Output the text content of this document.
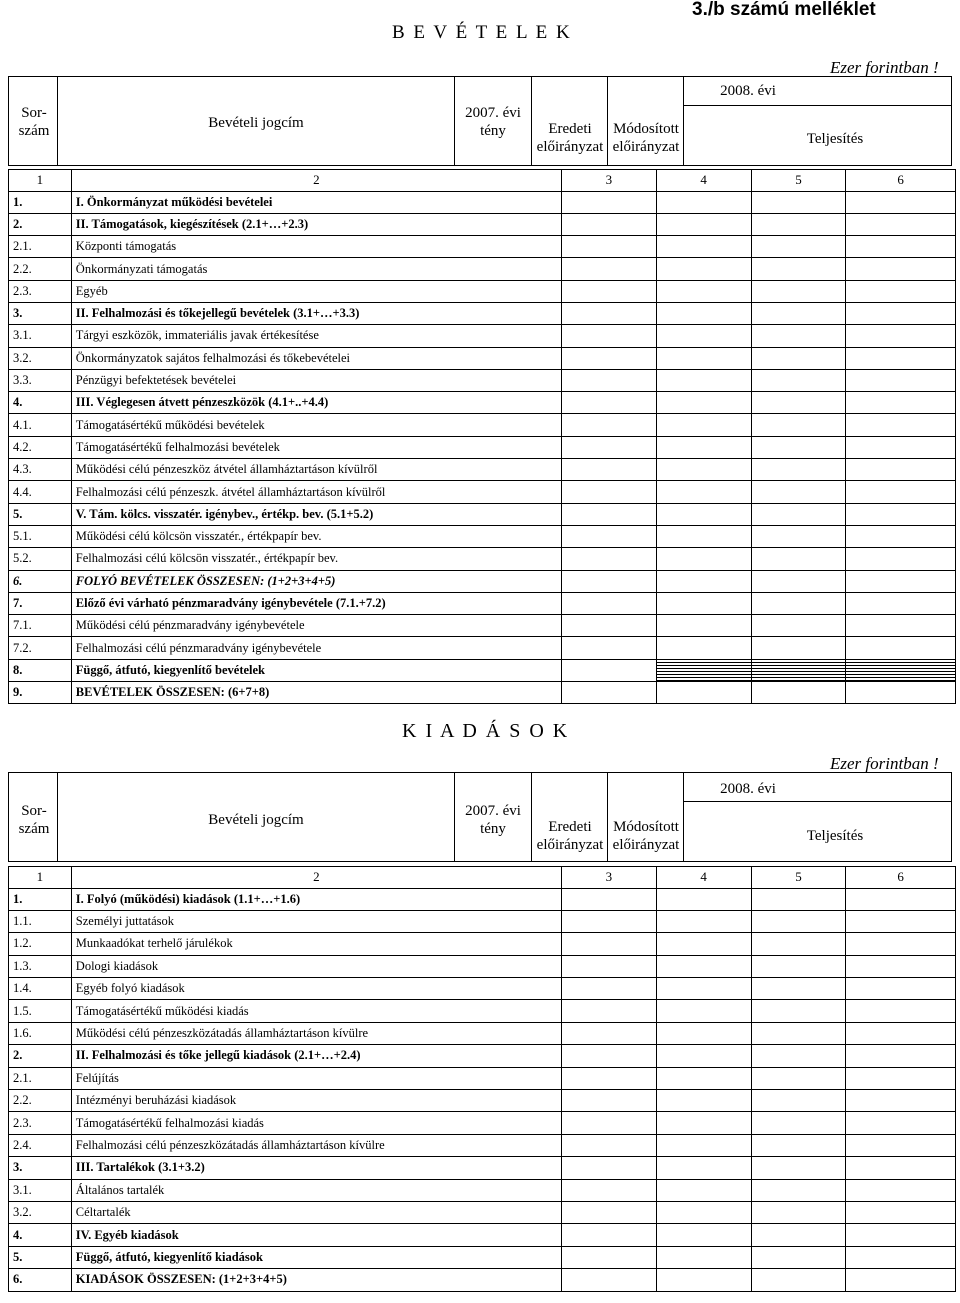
B E V É T E L E K
3./b számú melléklet
Ezer forintban !
Sor-
szám	Bevételi jogcím
2007. évi
tény
2008. évi
Eredeti
előirányzat
Módosított
előirányzat	Teljesítés
1	2	3	4	5	6
1.	I. Önkormányzat működési bevételei				
2.	II. Támogatások, kiegészítések (2.1+…+2.3)				
2.1.	Központi támogatás				
2.2.	Önkormányzati támogatás				
2.3.	Egyéb				
3.	II. Felhalmozási és tőkejellegű bevételek (3.1+…+3.3)				
3.1.	Tárgyi eszközök, immateriális javak értékesítése				
3.2.	Önkormányzatok sajátos felhalmozási és tőkebevételei				
3.3.	Pénzügyi befektetések bevételei				
4.	III. Véglegesen átvett pénzeszközök (4.1+..+4.4)				
4.1.	Támogatásértékű működési bevételek				
4.2.	Támogatásértékű felhalmozási bevételek				
4.3.	Működési célú pénzeszköz átvétel államháztartáson kívülről				
4.4.	Felhalmozási célú pénzeszk. átvétel államháztartáson kívülről				
5.	V. Tám. kölcs. visszatér. igénybev., értékp. bev. (5.1+5.2)				
5.1.	Működési célú kölcsön visszatér., értékpapír bev.				
5.2.	Felhalmozási célú kölcsön visszatér., értékpapír bev.				
6.	FOLYÓ BEVÉTELEK ÖSSZESEN: (1+2+3+4+5)				
7.	Előző évi várható pénzmaradvány igénybevétele (7.1.+7.2)				
7.1.	Működési célú pénzmaradvány igénybevétele				
7.2.	Felhalmozási célú pénzmaradvány igénybevétele				
8.	Függő, átfutó, kiegyenlítő bevételek		

9.	BEVÉTELEK ÖSSZESEN: (6+7+8)				
K I A D Á S O K
Ezer forintban !
Sor-
szám
Bevételi jogcím
2007. évi
tény
2008. évi
Eredeti
előirányzat
Módosított
előirányzat
Teljesítés
1	2	3	4	5	6
1.	I. Folyó (működési) kiadások (1.1+…+1.6)				
1.1.	Személyi juttatások				
1.2.	Munkaadókat terhelő járulékok				
1.3.	Dologi kiadások				
1.4.	Egyéb folyó kiadások				
1.5.	Támogatásértékű működési kiadás				
1.6.	Működési célú pénzeszközátadás államháztartáson kívülre				
2.	II. Felhalmozási és tőke jellegű kiadások (2.1+…+2.4)				
2.1.	Felújítás				
2.2.	Intézményi beruházási kiadások				
2.3.	Támogatásértékű felhalmozási kiadás				
2.4.	Felhalmozási célú pénzeszközátadás államháztartáson kívülre				
3.	III. Tartalékok (3.1+3.2)				
3.1.	Általános tartalék				
3.2.	Céltartalék				
4.	IV. Egyéb kiadások				
5.	Függő, átfutó, kiegyenlítő kiadások				
6.	KIADÁSOK ÖSSZESEN: (1+2+3+4+5)				
